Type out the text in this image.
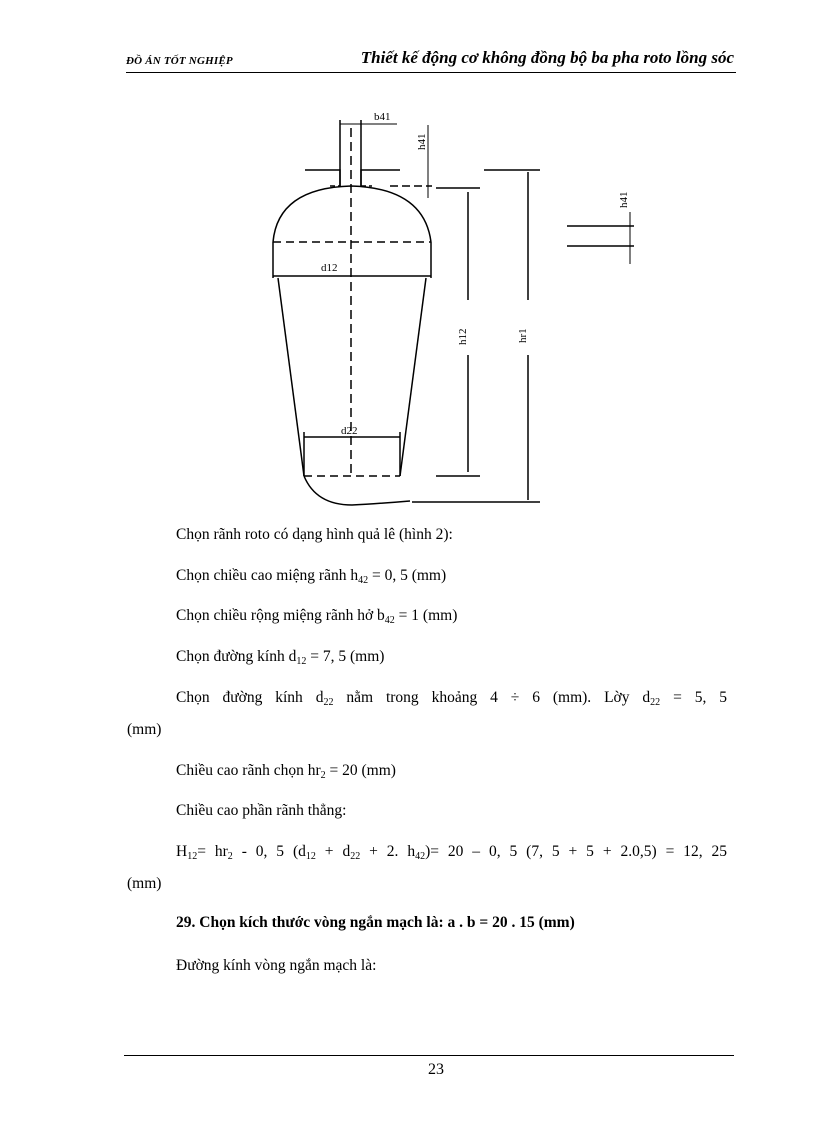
ĐỒ ÁN TỐT NGHIỆP	Thiết kế động cơ không đồng bộ ba pha roto lồng sóc
b41
h41
h41
d12
d22
h12	hr1
Chọn rãnh roto có dạng hình quả lê (hình 2):
Chọn chiều cao miệng rãnh $h_{42} = 0$, 5 (mm)
Chọn chiều rộng miệng rãnh hở $b_{42} = 1$ (mm)
Chọn đường kính $d_{12} = 7$, 5 (mm)
Chọn đường kính $d_{22}$ nằm trong khoảng 4 ÷ 6 (mm). Lờy $d_{22} = 5$, 5
(mm)
Chiều cao rãnh chọn $hr_2 = 20$ (mm)
Chiều cao phần rãnh thẳng:
$H_{12}= hr_2 - 0$, 5 ($d_{12} + d_{22} + 2$. $h_{42})= 20 - 0$, 5 (7, 5 + 5 + 2.0,5) = 12, 25
(mm)
29. Chọn kích thước vòng ngắn mạch là: a . b = 20 . 15 (mm)
Đường kính vòng ngắn mạch là:
23
